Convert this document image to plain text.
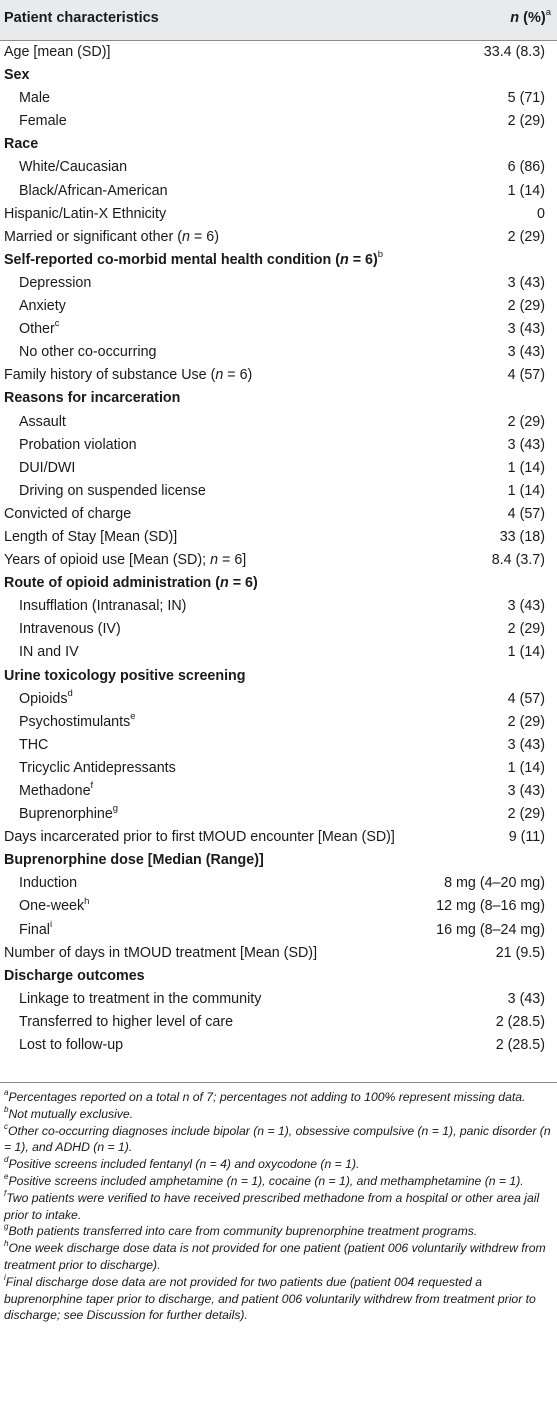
Patient characteristics	n (%)$^a$
Age [mean (SD)]	33.4 (8.3)
Sex
Male	5 (71)
Female	2 (29)
Race
White/Caucasian	6 (86)
Black/African-American	1 (14)
Hispanic/Latin-X Ethnicity	0
Married or significant other (n = 6)	2 (29)
Self-reported co-morbid mental health condition (n = 6)$^b$
Depression	3 (43)
Anxiety	2 (29)
Other$^c$	3 (43)
No other co-occurring	3 (43)
Family history of substance Use (n = 6)	4 (57)
Reasons for incarceration
Assault	2 (29)
Probation violation	3 (43)
DUI/DWI	1 (14)
Driving on suspended license	1 (14)
Convicted of charge	4 (57)
Length of Stay [Mean (SD)]	33 (18)
Years of opioid use [Mean (SD); n = 6]	8.4 (3.7)
Route of opioid administration (n = 6)
Insufflation (Intranasal; IN)	3 (43)
Intravenous (IV)	2 (29)
IN and IV	1 (14)
Urine toxicology positive screening
Opioids$^d$	4 (57)
Psychostimulants$^e$	2 (29)
THC	3 (43)
Tricyclic Antidepressants	1 (14)
Methadone$^f$	3 (43)
Buprenorphine$^g$	2 (29)
Days incarcerated prior to first tMOUD encounter [Mean (SD)]	9 (11)
Buprenorphine dose [Median (Range)]
Induction	8 mg (4–20 mg)
One-week$^h$	12 mg (8–16 mg)
Final$^i$	16 mg (8–24 mg)
Number of days in tMOUD treatment [Mean (SD)]	21 (9.5)
Discharge outcomes
Linkage to treatment in the community	3 (43)
Transferred to higher level of care	2 (28.5)
Lost to follow-up	2 (28.5)

$^a$Percentages reported on a total n of 7; percentages not adding to 100% represent missing data.

$^b$Not mutually exclusive.

$^c$Other co-occurring diagnoses include bipolar (n = 1), obsessive compulsive (n = 1), panic disorder (n = 1), and ADHD (n = 1).

$^d$Positive screens included fentanyl (n = 4) and oxycodone (n = 1).

$^e$Positive screens included amphetamine (n = 1), cocaine (n = 1), and methamphetamine (n = 1).

$^f$Two patients were verified to have received prescribed methadone from a hospital or other area jail prior to intake.

$^g$Both patients transferred into care from community buprenorphine treatment programs.

$^h$One week discharge dose data is not provided for one patient (patient 006 voluntarily withdrew from treatment prior to discharge).

$^i$Final discharge dose data are not provided for two patients due (patient 004 requested a buprenorphine taper prior to discharge, and patient 006 voluntarily withdrew from treatment prior to discharge; see Discussion for further details).
